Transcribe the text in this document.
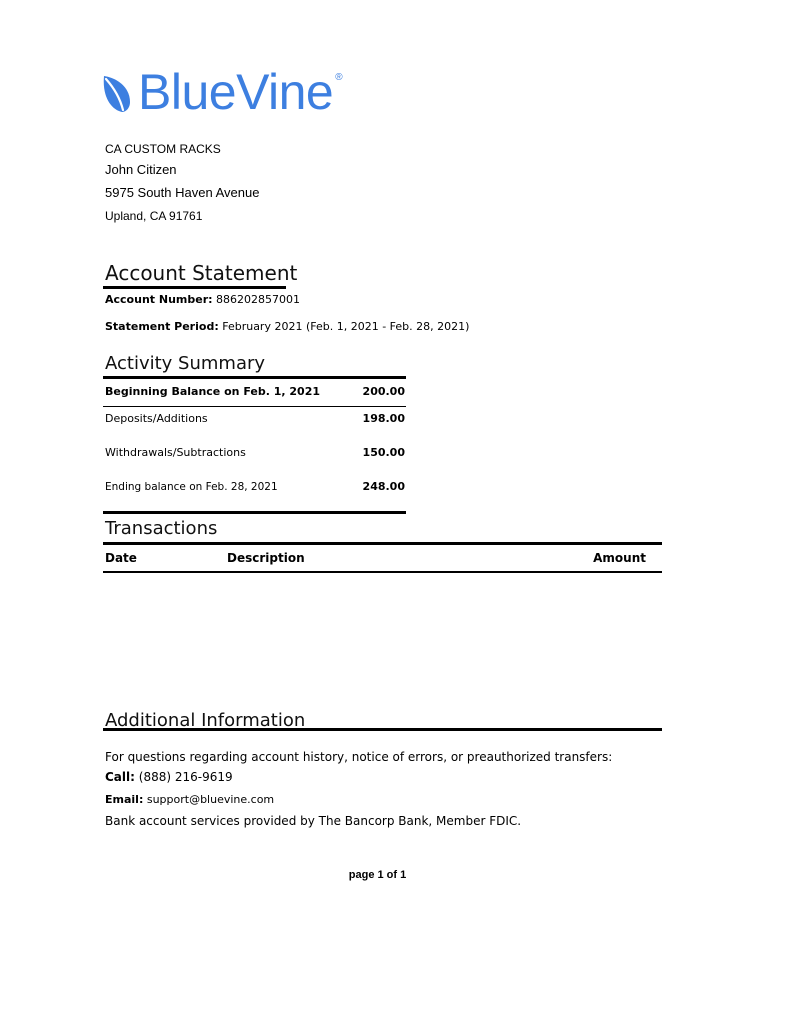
BlueVine ®
CA CUSTOM RACKS
John Citizen
5975 South Haven Avenue
Upland, CA 91761
Account Statement
Account Number: 886202857001
Statement Period: February 2021 (Feb. 1, 2021 - Feb. 28, 2021)
Activity Summary
Beginning Balance on Feb. 1, 2021	200.00
Deposits/Additions	198.00
Withdrawals/Subtractions	150.00
Ending balance on Feb. 28, 2021	248.00
Transactions
Date	Description	Amount
Additional Information
For questions regarding account history, notice of errors, or preauthorized transfers:
Call: (888) 216-9619
Email: support@bluevine.com
Bank account services provided by The Bancorp Bank, Member FDIC.
page 1 of 1
